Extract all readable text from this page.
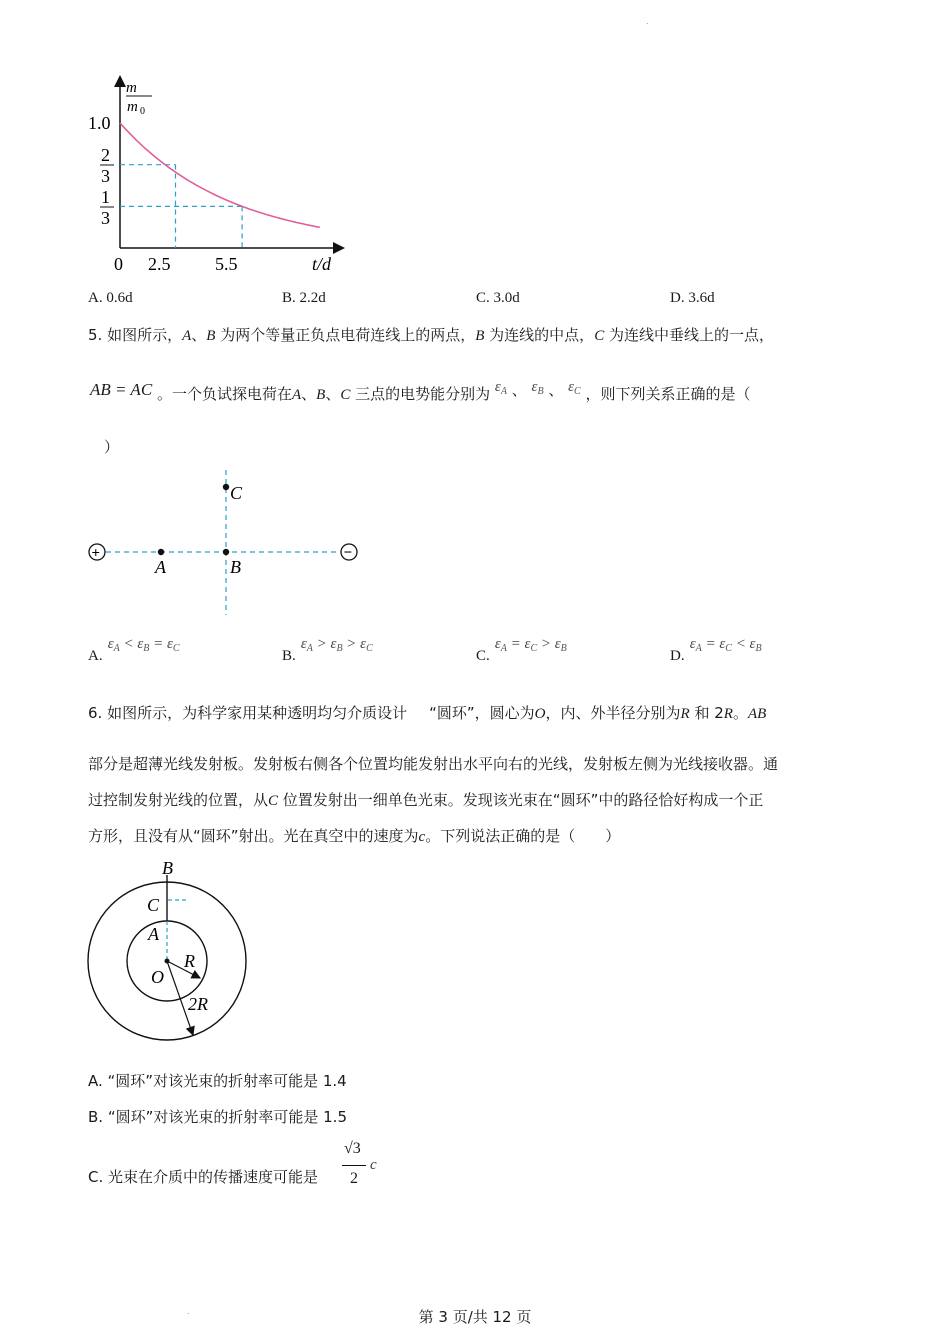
.
m
m 0
1.0
2
3
1
3
0 2.5 5.5	t/d
A. 0.6d	B. 2.2d	C. 3.0d	D. 3.6d
5. 如图所示，A、B 为两个等量正负点电荷连线上的两点，B 为连线的中点，C 为连线中垂线上的一点，
AB = AC 。一个负试探电荷在A、B、C 三点的电势能分别为 $\varepsilon_A$ 、 $\varepsilon_B$ 、 $\varepsilon_C$ ，则下列关系正确的是（
）
+	−
C
A	B
A. $\varepsilon_A < \varepsilon_B = \varepsilon_C$	B. $\varepsilon_A > \varepsilon_B > \varepsilon_C$	C. $\varepsilon_A = \varepsilon_C > \varepsilon_B$	D. $\varepsilon_A = \varepsilon_C < \varepsilon_B$
6. 如图所示，为科学家用某种透明均匀介质设计 “圆环”，圆心为O，内、外半径分别为R 和 2R。AB
部分是超薄光线发射板。发射板右侧各个位置均能发射出水平向右的光线，发射板左侧为光线接收器。通
过控制发射光线的位置，从C 位置发射出一细单色光束。发现该光束在“圆环”中的路径恰好构成一个正
方形，且没有从“圆环”射出。光在真空中的速度为c。下列说法正确的是（　　）
B
C
A
O
R
2R
A. “圆环”对该光束的折射率可能是 1.4
B. “圆环”对该光束的折射率可能是 1.5
C. 光束在介质中的传播速度可能是
√3
2
c
.	第 3 页/共 12 页
